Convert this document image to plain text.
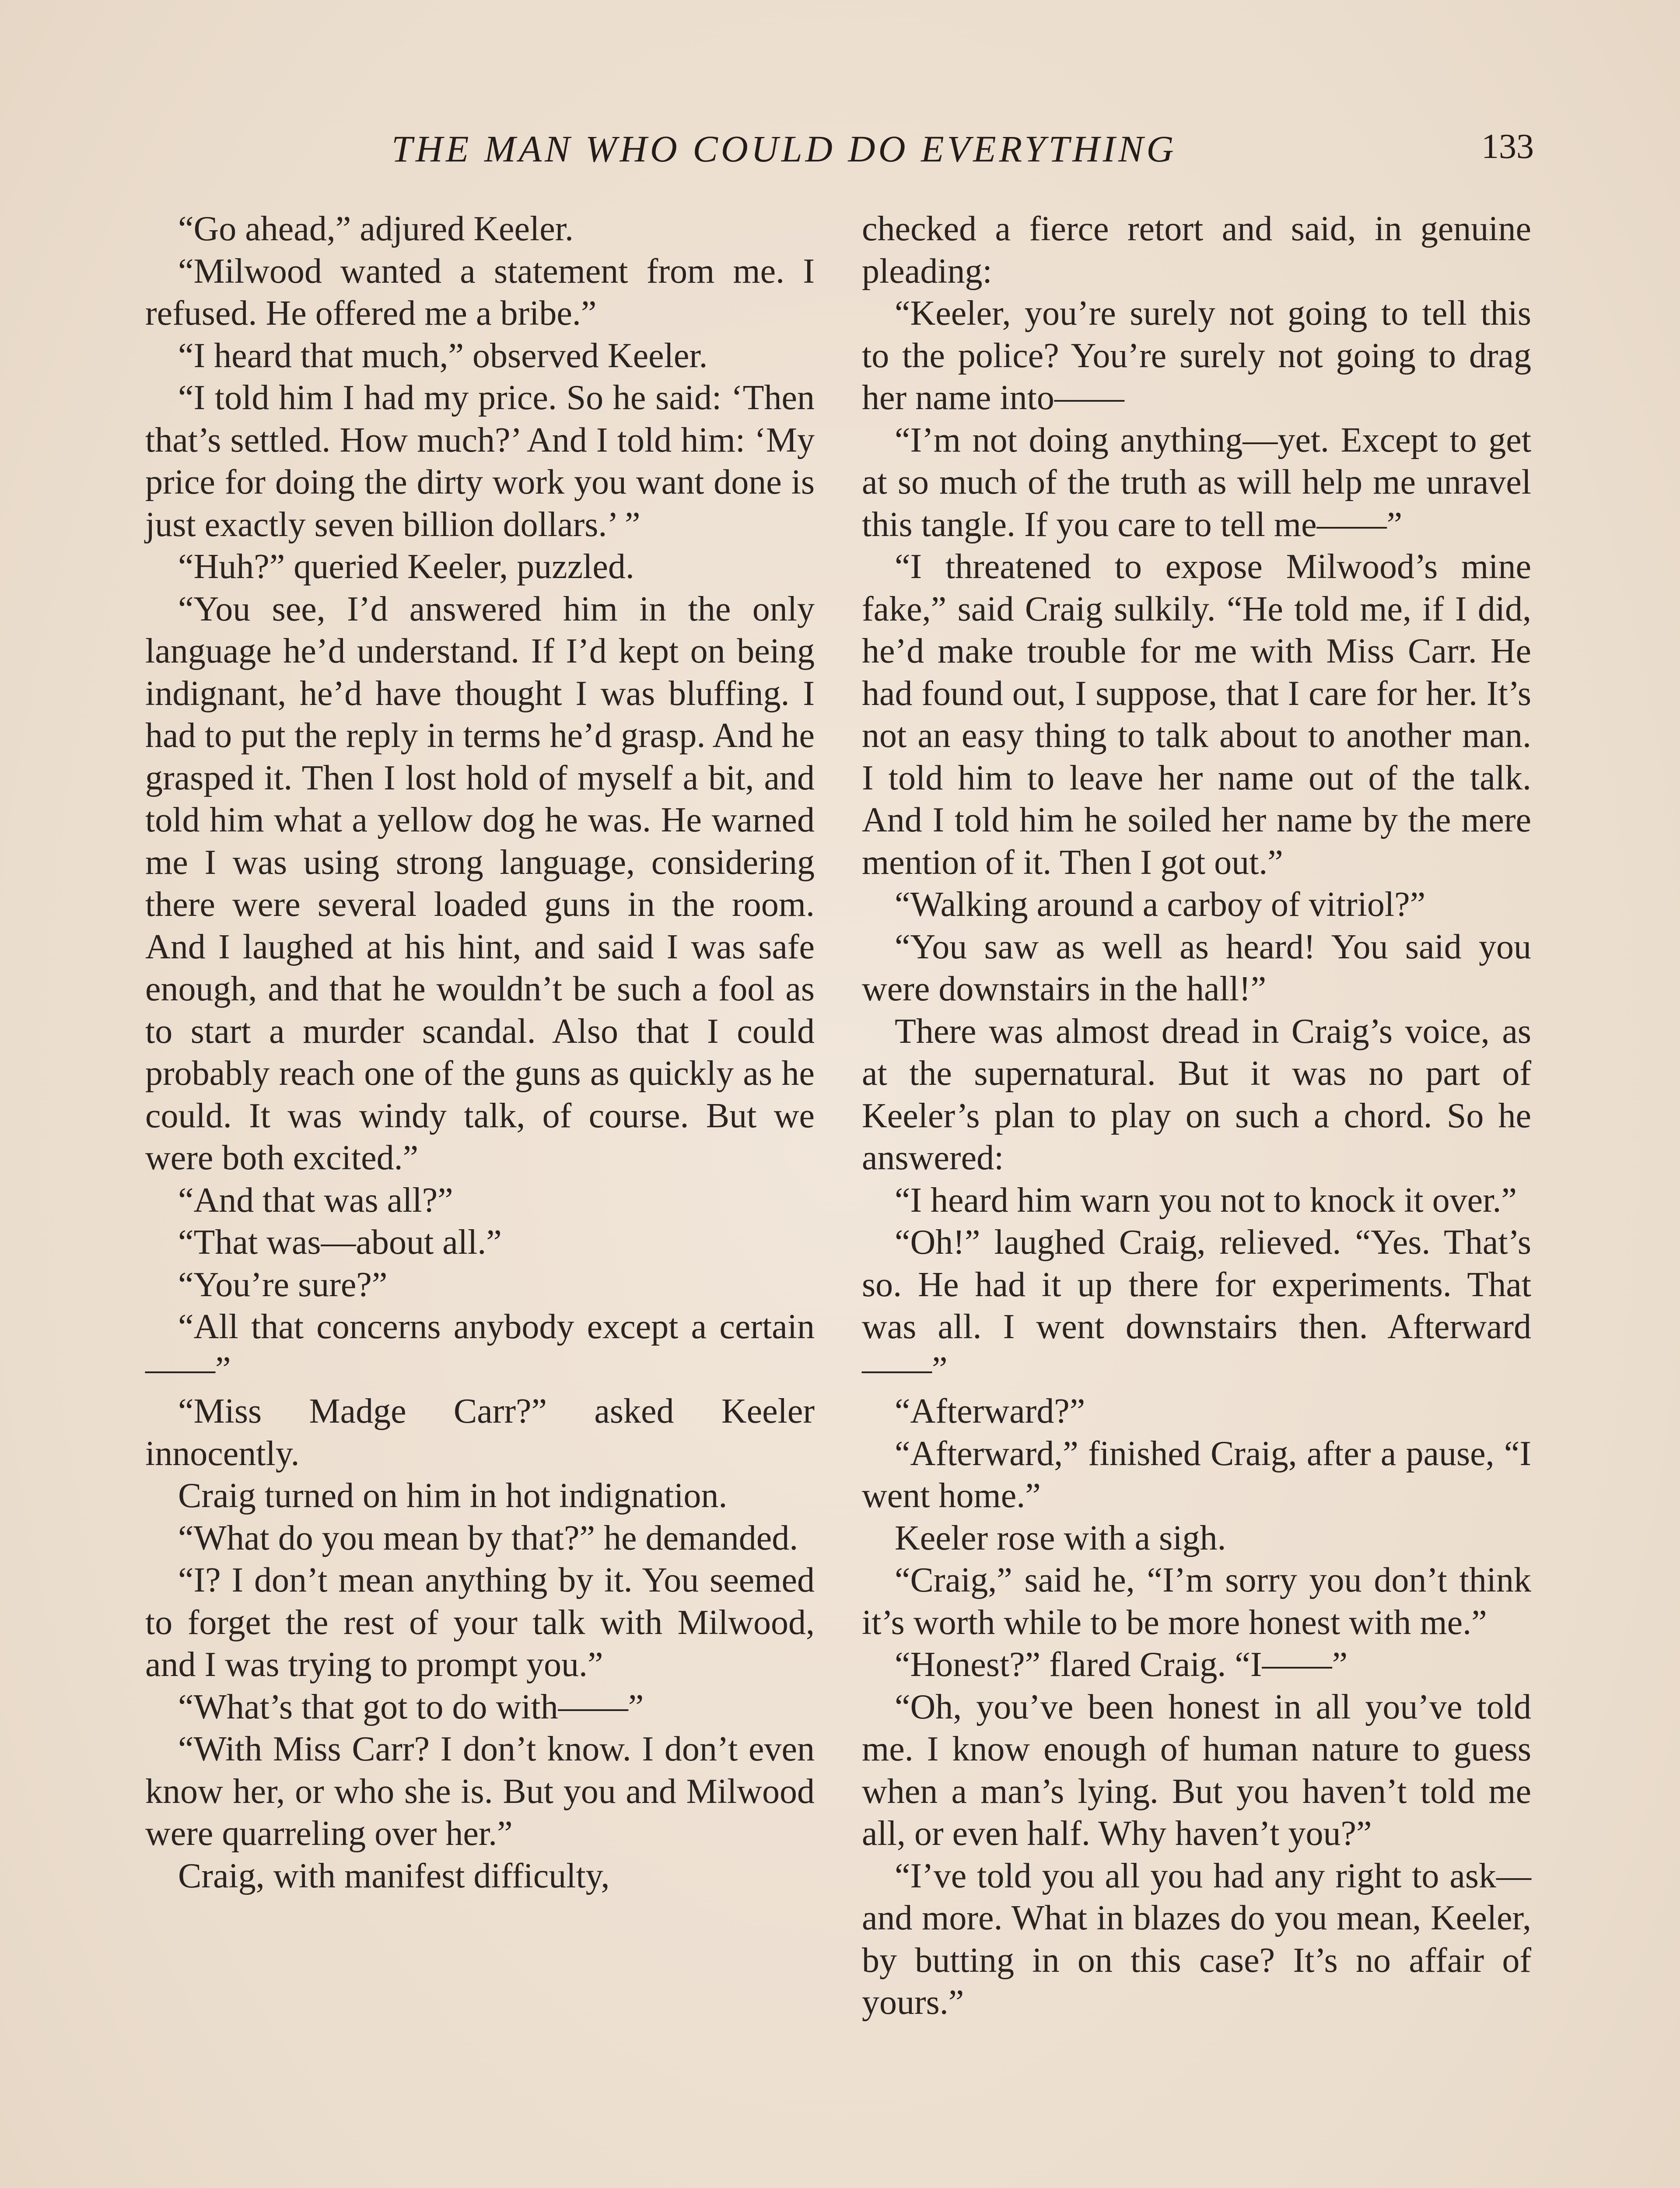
THE MAN WHO COULD DO EVERYTHING	133

“Go ahead,” adjured Keeler.

“Milwood wanted a statement from me. I refused. He offered me a bribe.”

“I heard that much,” observed Keeler.

“I told him I had my price. So he said: ‘Then that’s settled. How much?’ And I told him: ‘My price for doing the dirty work you want done is just exactly seven billion dollars.’ ”

“Huh?” queried Keeler, puzzled.

“You see, I’d answered him in the only language he’d understand. If I’d kept on being indignant, he’d have thought I was bluffing. I had to put the reply in terms he’d grasp. And he grasped it. Then I lost hold of myself a bit, and told him what a yellow dog he was. He warned me I was using strong language, considering there were several loaded guns in the room. And I laughed at his hint, and said I was safe enough, and that he wouldn’t be such a fool as to start a murder scandal. Also that I could probably reach one of the guns as quickly as he could. It was windy talk, of course. But we were both excited.”

“And that was all?”

“That was—about all.”

“You’re sure?”

“All that concerns anybody except a certain——”

“Miss Madge Carr?” asked Keeler innocently.

Craig turned on him in hot indignation.

“What do you mean by that?” he demanded.

“I? I don’t mean anything by it. You seemed to forget the rest of your talk with Milwood, and I was trying to prompt you.”

“What’s that got to do with——”

“With Miss Carr? I don’t know. I don’t even know her, or who she is. But you and Milwood were quarreling over her.”

Craig, with manifest difficulty,

checked a fierce retort and said, in genuine pleading:

“Keeler, you’re surely not going to tell this to the police? You’re surely not going to drag her name into——

“I’m not doing anything—yet. Except to get at so much of the truth as will help me unravel this tangle. If you care to tell me——”

“I threatened to expose Milwood’s mine fake,” said Craig sulkily. “He told me, if I did, he’d make trouble for me with Miss Carr. He had found out, I suppose, that I care for her. It’s not an easy thing to talk about to another man. I told him to leave her name out of the talk. And I told him he soiled her name by the mere mention of it. Then I got out.”

“Walking around a carboy of vitriol?”

“You saw as well as heard! You said you were downstairs in the hall!”

There was almost dread in Craig’s voice, as at the supernatural. But it was no part of Keeler’s plan to play on such a chord. So he answered:

“I heard him warn you not to knock it over.”

“Oh!” laughed Craig, relieved. “Yes. That’s so. He had it up there for experiments. That was all. I went downstairs then. Afterward——”

“Afterward?”

“Afterward,” finished Craig, after a pause, “I went home.”

Keeler rose with a sigh.

“Craig,” said he, “I’m sorry you don’t think it’s worth while to be more honest with me.”

“Honest?” flared Craig. “I——”

“Oh, you’ve been honest in all you’ve told me. I know enough of human nature to guess when a man’s lying. But you haven’t told me all, or even half. Why haven’t you?”

“I’ve told you all you had any right to ask—and more. What in blazes do you mean, Keeler, by butting in on this case? It’s no affair of yours.”
